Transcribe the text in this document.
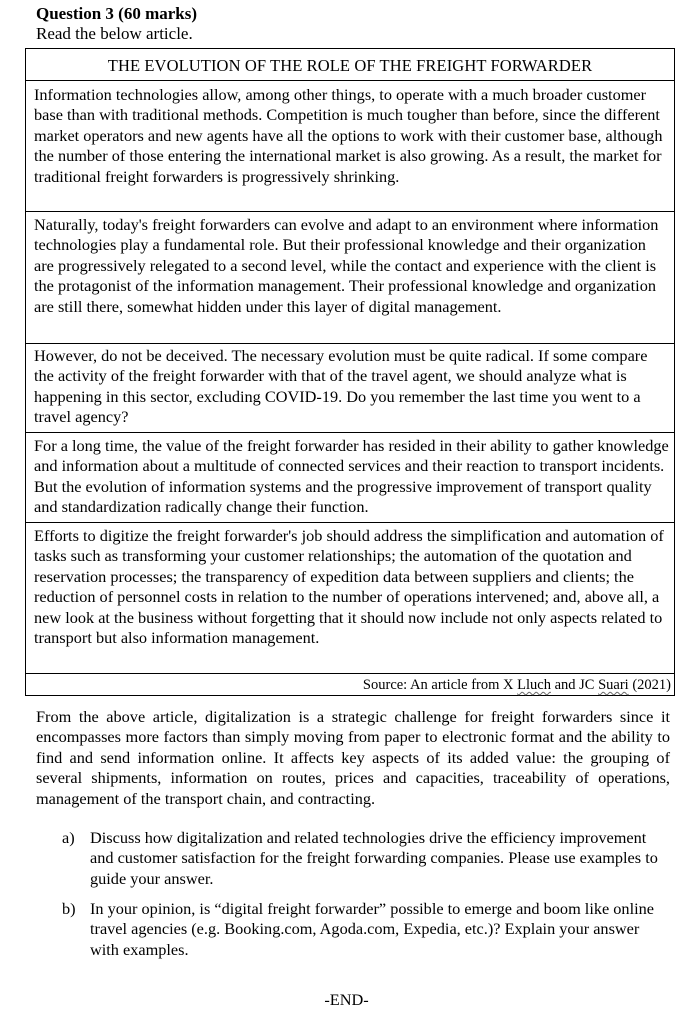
Question 3 (60 marks)
Read the below article.
THE EVOLUTION OF THE ROLE OF THE FREIGHT FORWARDER

Information technologies allow, among other things, to operate with a much broader customer base than with traditional methods. Competition is much tougher than before, since the different market operators and new agents have all the options to work with their customer base, although the number of those entering the international market is also growing. As a result, the market for traditional freight forwarders is progressively shrinking.

Naturally, today's freight forwarders can evolve and adapt to an environment where information technologies play a fundamental role. But their professional knowledge and their organization are progressively relegated to a second level, while the contact and experience with the client is the protagonist of the information management. Their professional knowledge and organization are still there, somewhat hidden under this layer of digital management.

However, do not be deceived. The necessary evolution must be quite radical. If some compare the activity of the freight forwarder with that of the travel agent, we should analyze what is happening in this sector, excluding COVID-19. Do you remember the last time you went to a travel agency?

For a long time, the value of the freight forwarder has resided in their ability to gather knowledge and information about a multitude of connected services and their reaction to transport incidents. But the evolution of information systems and the progressive improvement of transport quality and standardization radically change their function.

Efforts to digitize the freight forwarder's job should address the simplification and automation of tasks such as transforming your customer relationships; the automation of the quotation and reservation processes; the transparency of expedition data between suppliers and clients; the reduction of personnel costs in relation to the number of operations intervened; and, above all, a new look at the business without forgetting that it should now include not only aspects related to transport but also information management.

Source: An article from X Lluch and JC Suari (2021)

From the above article, digitalization is a strategic challenge for freight forwarders since it encompasses more factors than simply moving from paper to electronic format and the ability to find and send information online. It affects key aspects of its added value: the grouping of several shipments, information on routes, prices and capacities, traceability of operations, management of the transport chain, and contracting.

a) Discuss how digitalization and related technologies drive the efficiency improvement and customer satisfaction for the freight forwarding companies. Please use examples to guide your answer.
b) In your opinion, is “digital freight forwarder” possible to emerge and boom like online travel agencies (e.g. Booking.com, Agoda.com, Expedia, etc.)? Explain your answer with examples.
-END-
